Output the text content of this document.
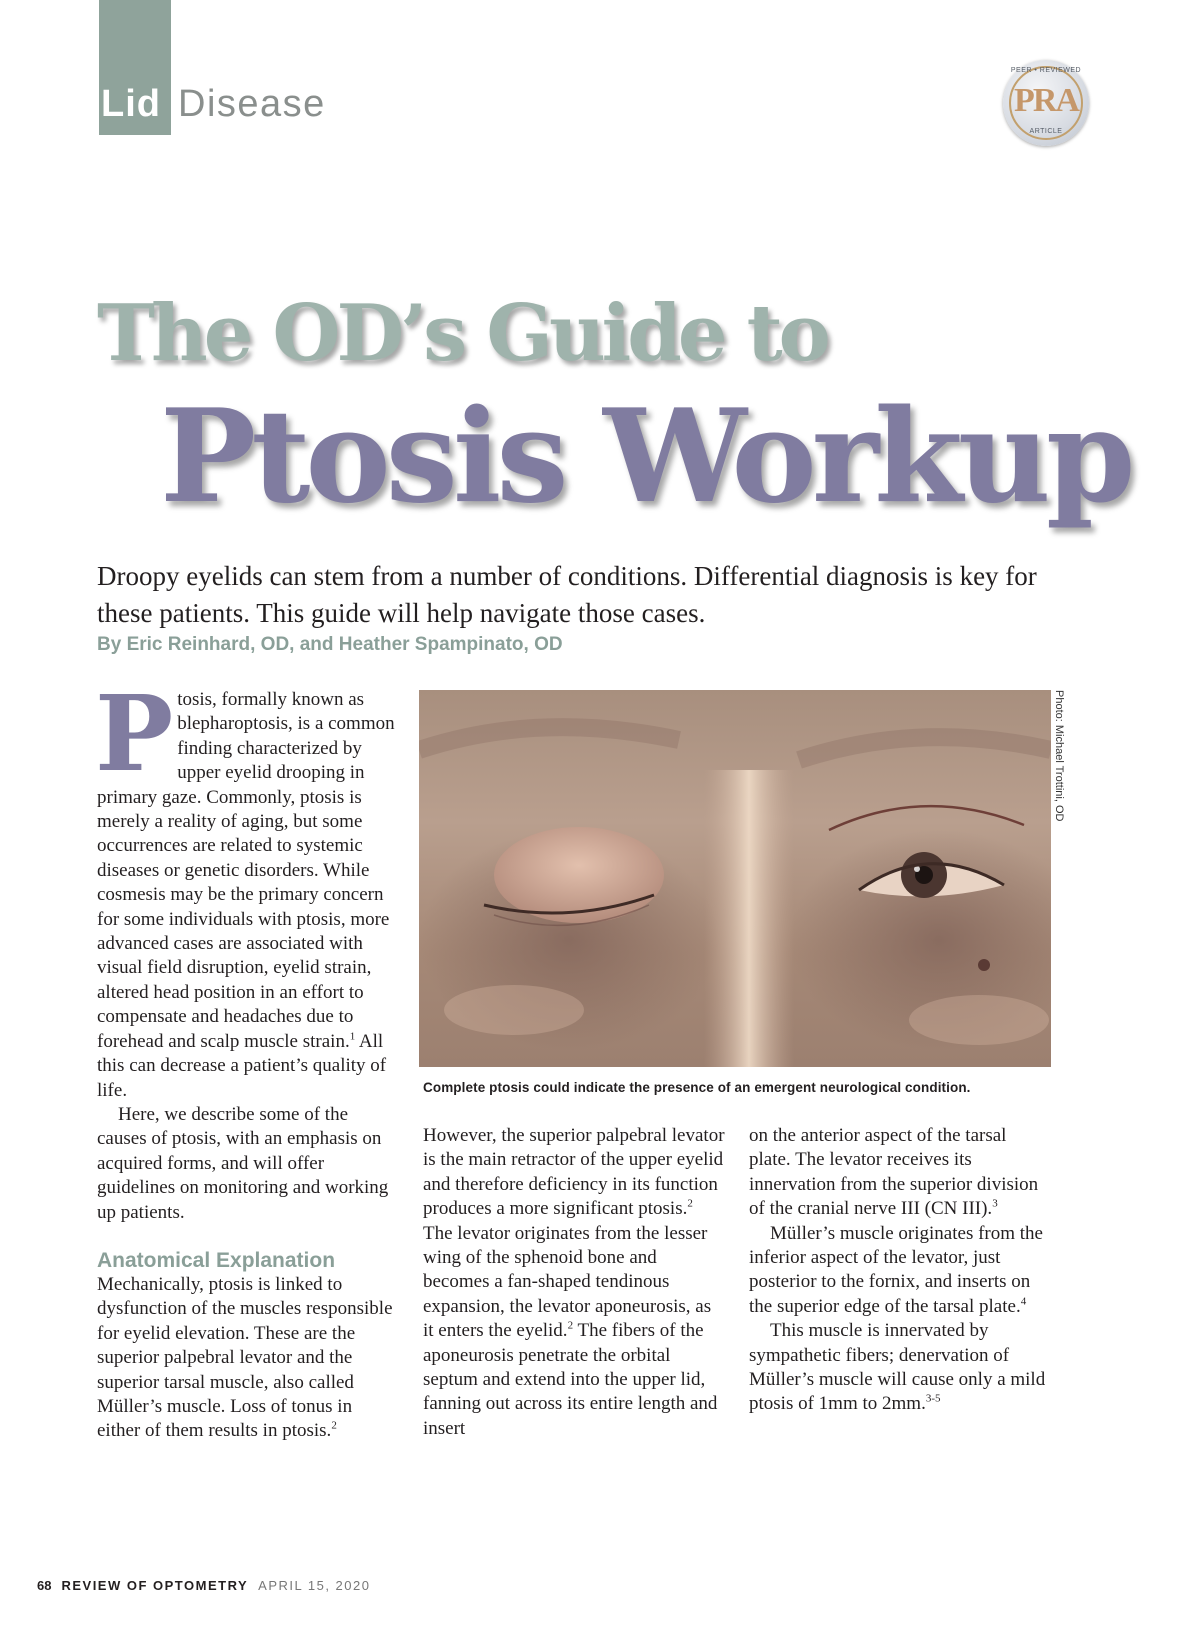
Lid Disease
PEER • REVIEWED
PRA
ARTICLE
The OD’s Guide to
Ptosis Workup
Droopy eyelids can stem from a number of conditions. Differential diagnosis is key for these patients. This guide will help navigate those cases.
By Eric Reinhard, OD, and Heather Spampinato, OD

Ptosis, formally known as blepharoptosis, is a common finding characterized by upper eyelid drooping in primary gaze. Commonly, ptosis is merely a reality of aging, but some occurrences are related to systemic diseases or genetic disorders. While cosmesis may be the primary concern for some individuals with ptosis, more advanced cases are associated with visual field disruption, eyelid strain, altered head position in an effort to compensate and headaches due to forehead and scalp muscle strain.$^1$ All this can decrease a patient’s quality of life.

Here, we describe some of the causes of ptosis, with an emphasis on acquired forms, and will offer guidelines on monitoring and working up patients.

Anatomical Explanation

Mechanically, ptosis is linked to dysfunction of the muscles responsible for eyelid elevation. These are the superior palpebral levator and the superior tarsal muscle, also called Müller’s muscle. Loss of tonus in either of them results in ptosis.$^2$

Photo: Michael Trottini, OD
Complete ptosis could indicate the presence of an emergent neurological condition.

However, the superior palpebral levator is the main retractor of the upper eyelid and therefore deficiency in its function produces a more significant ptosis.$^2$ The levator originates from the lesser wing of the sphenoid bone and becomes a fan-shaped tendinous expansion, the levator aponeurosis, as it enters the eyelid.$^2$ The fibers of the aponeurosis penetrate the orbital septum and extend into the upper lid, fanning out across its entire length and insert

on the anterior aspect of the tarsal plate. The levator receives its innervation from the superior division of the cranial nerve III (CN III).$^3$

Müller’s muscle originates from the inferior aspect of the levator, just posterior to the fornix, and inserts on the superior edge of the tarsal plate.$^4$

This muscle is innervated by sympathetic fibers; denervation of Müller’s muscle will cause only a mild ptosis of 1mm to 2mm.$^{3-5}$

68 REVIEW OF OPTOMETRY APRIL 15, 2020
